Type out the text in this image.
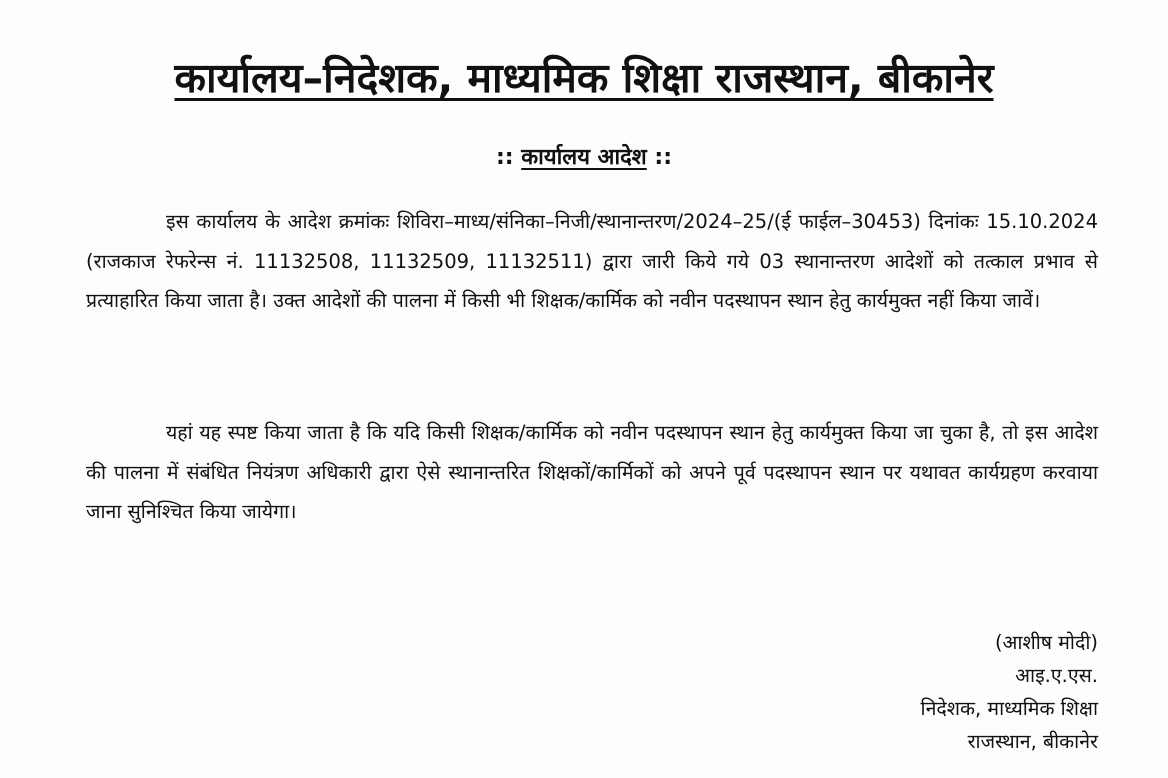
कार्यालय–निदेशक, माध्यमिक शिक्षा राजस्थान, बीकानेर
:: कार्यालय आदेश ::

इस कार्यालय के आदेश क्रमांकः शिविरा–माध्य/संनिका–निजी/स्थानान्तरण/2024–25/(ई फाईल–30453) दिनांकः 15.10.2024 (राजकाज रेफरेन्स नं. 11132508, 11132509, 11132511) द्वारा जारी किये गये 03 स्थानान्तरण आदेशों को तत्काल प्रभाव से प्रत्याहारित किया जाता है। उक्त आदेशों की पालना में किसी भी शिक्षक/कार्मिक को नवीन पदस्थापन स्थान हेतु कार्यमुक्त नहीं किया जावें।

यहां यह स्पष्ट किया जाता है कि यदि किसी शिक्षक/कार्मिक को नवीन पदस्थापन स्थान हेतु कार्यमुक्त किया जा चुका है, तो इस आदेश की पालना में संबंधित नियंत्रण अधिकारी द्वारा ऐसे स्थानान्तरित शिक्षकों/कार्मिकों को अपने पूर्व पदस्थापन स्थान पर यथावत कार्यग्रहण करवाया जाना सुनिश्चित किया जायेगा।

(आशीष मोदी)
आइ.ए.एस.
निदेशक, माध्यमिक शिक्षा
राजस्थान, बीकानेर
